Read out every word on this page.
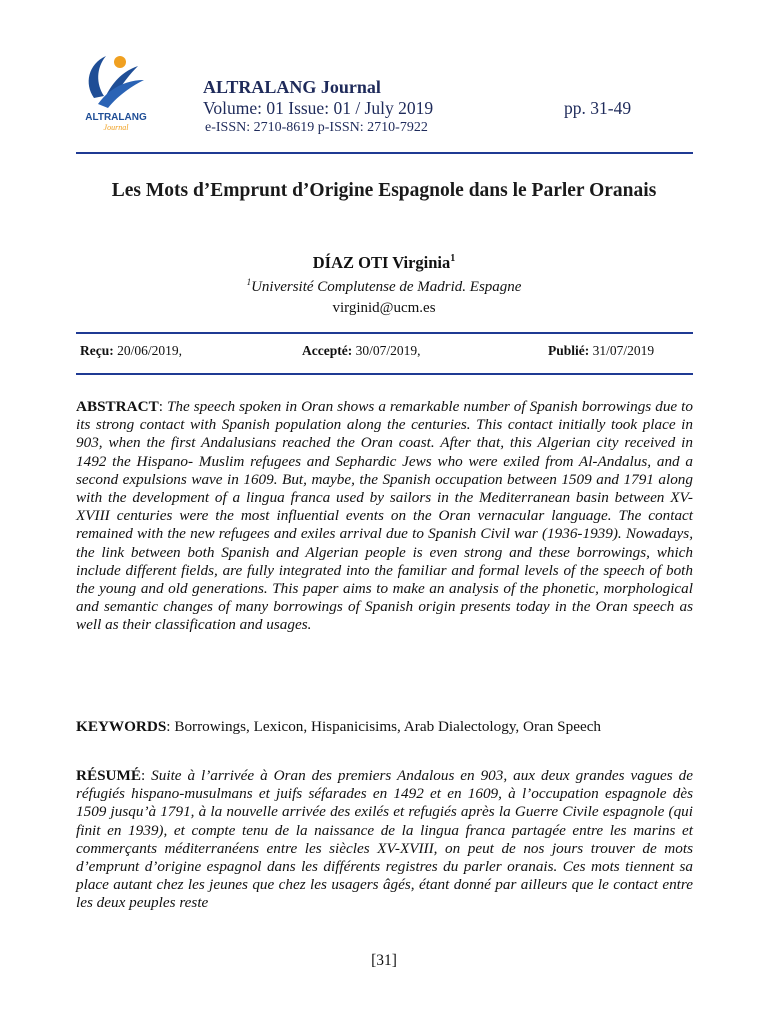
ALTRALANG
Journal
ALTRALANG Journal
Volume: 01 Issue: 01 / July 2019	pp. 31-49
e-ISSN: 2710-8619 p-ISSN: 2710-7922
Les Mots d’Emprunt d’Origine Espagnole dans le Parler Oranais
DÍAZ OTI Virginia$^1$
$^1$Université Complutense de Madrid. Espagne
virginid@ucm.es
Reçu: 20/06/2019,	Accepté: 30/07/2019,	Publié: 31/07/2019
ABSTRACT: The speech spoken in Oran shows a remarkable number of Spanish borrowings due to its strong contact with Spanish population along the centuries. This contact initially took place in 903, when the first Andalusians reached the Oran coast. After that, this Algerian city received in 1492 the Hispano- Muslim refugees and Sephardic Jews who were exiled from Al-Andalus, and a second expulsions wave in 1609. But, maybe, the Spanish occupation between 1509 and 1791 along with the development of a lingua franca used by sailors in the Mediterranean basin between XV-XVIII centuries were the most influential events on the Oran vernacular language. The contact remained with the new refugees and exiles arrival due to Spanish Civil war (1936-1939). Nowadays, the link between both Spanish and Algerian people is even strong and these borrowings, which include different fields, are fully integrated into the familiar and formal levels of the speech of both the young and old generations. This paper aims to make an analysis of the phonetic, morphological and semantic changes of many borrowings of Spanish origin presents today in the Oran speech as well as their classification and usages.
KEYWORDS: Borrowings, Lexicon, Hispanicisims, Arab Dialectology, Oran Speech
RÉSUMÉ: Suite à l’arrivée à Oran des premiers Andalous en 903, aux deux grandes vagues de réfugiés hispano-musulmans et juifs séfarades en 1492 et en 1609, à l’occupation espagnole dès 1509 jusqu’à 1791, à la nouvelle arrivée des exilés et refugiés après la Guerre Civile espagnole (qui finit en 1939), et compte tenu de la naissance de la lingua franca partagée entre les marins et commerçants méditerranéens entre les siècles XV-XVIII, on peut de nos jours trouver de mots d’emprunt d’origine espagnol dans les différents registres du parler oranais. Ces mots tiennent sa place autant chez les jeunes que chez les usagers âgés, étant donné par ailleurs que le contact entre les deux peuples reste
[31]
